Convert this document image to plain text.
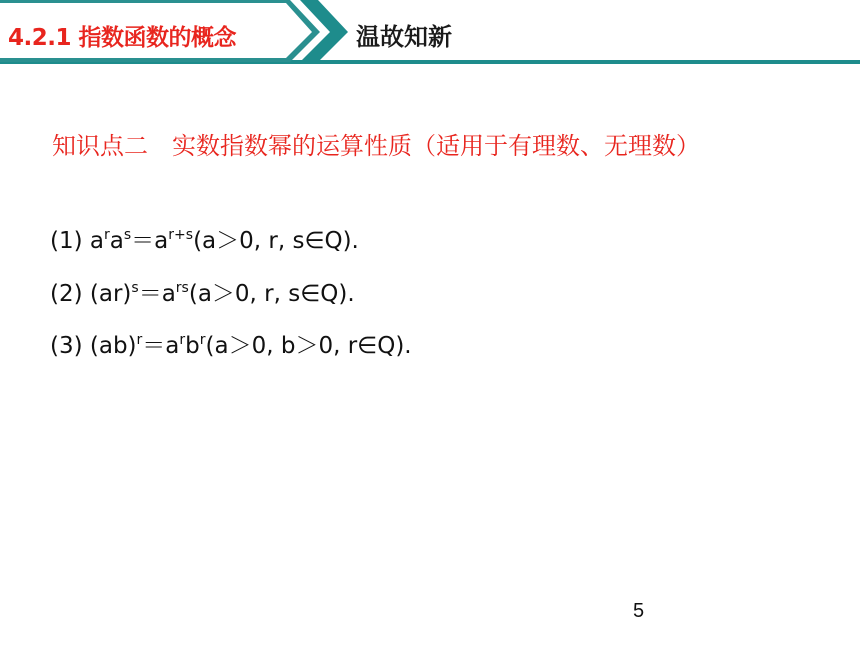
4.2.1 指数函数的概念	温故知新
知识点二　实数指数幂的运算性质（适用于有理数、无理数）
(1) $a^ra^s=a^{r+s}(a>0$, r, s∈Q).
(2) $(ar)^s=a^{rs}(a>0$, r, s∈Q).
(3) $(ab)^r=a^rb^r(a>0$, b＞0, r∈Q).
5
